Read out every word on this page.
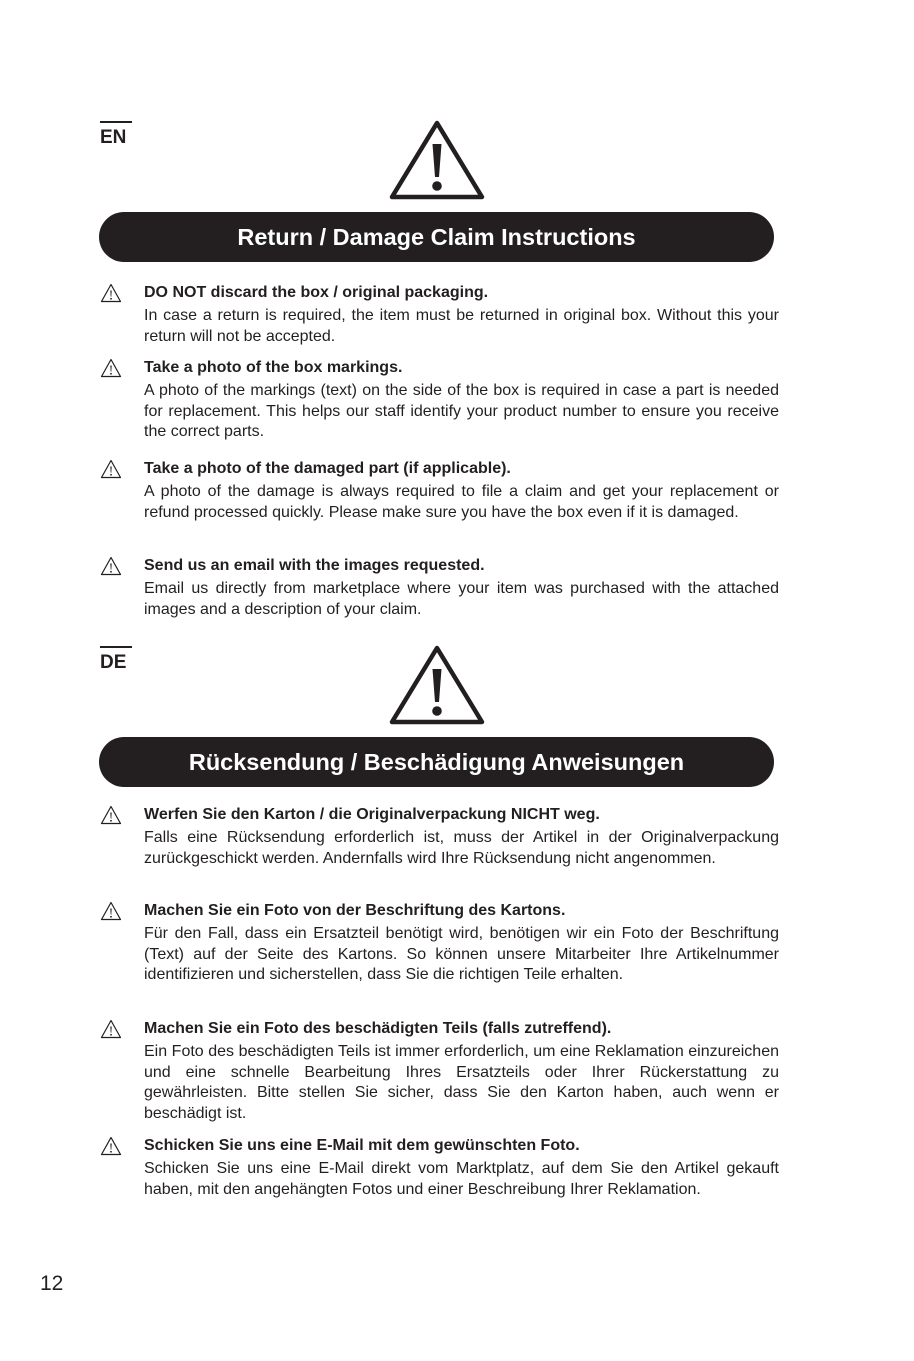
EN
Return / Damage Claim Instructions
DO NOT discard the box / original packaging.
In case a return is required, the item must be returned in original box. Without this your return will not be accepted.
Take a photo of the box markings.
A photo of the markings (text) on the side of the box is required in case a part is needed for replacement. This helps our staff identify your product number to ensure you receive the correct parts.
Take a photo of the damaged part (if applicable).
A photo of the damage is always required to file a claim and get your replacement or refund processed quickly. Please make sure you have the box even if it is damaged.
Send us an email with the images requested.
Email us directly from marketplace where your item was purchased with the attached images and a description of your claim.
DE
Rücksendung / Beschädigung Anweisungen
Werfen Sie den Karton / die Originalverpackung NICHT weg.
Falls eine Rücksendung erforderlich ist, muss der Artikel in der Originalverpackung zurückgeschickt werden. Andernfalls wird Ihre Rücksendung nicht angenommen.
Machen Sie ein Foto von der Beschriftung des Kartons.
Für den Fall, dass ein Ersatzteil benötigt wird, benötigen wir ein Foto der Beschriftung (Text) auf der Seite des Kartons. So können unsere Mitarbeiter Ihre Artikelnummer identifizieren und sicherstellen, dass Sie die richtigen Teile erhalten.
Machen Sie ein Foto des beschädigten Teils (falls zutreffend).
Ein Foto des beschädigten Teils ist immer erforderlich, um eine Reklamation einzureichen und eine schnelle Bearbeitung Ihres Ersatzteils oder Ihrer Rückerstattung zu gewährleisten. Bitte stellen Sie sicher, dass Sie den Karton haben, auch wenn er beschädigt ist.
Schicken Sie uns eine E-Mail mit dem gewünschten Foto.
Schicken Sie uns eine E-Mail direkt vom Marktplatz, auf dem Sie den Artikel gekauft haben, mit den angehängten Fotos und einer Beschreibung Ihrer Reklamation.
12
